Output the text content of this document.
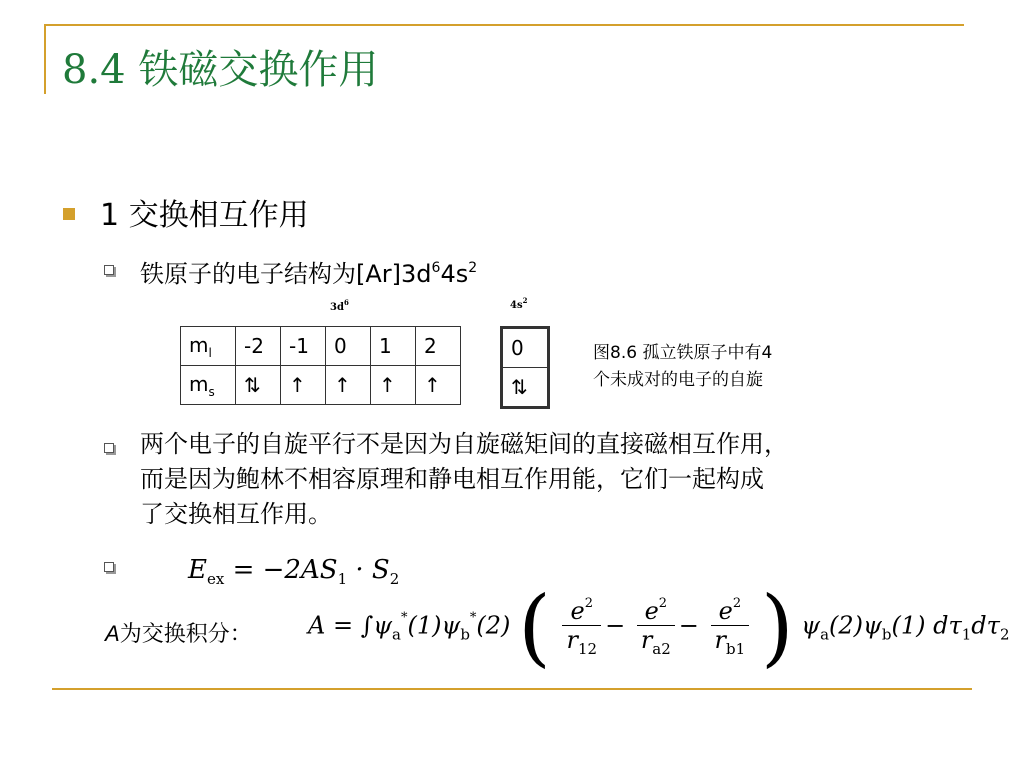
8.4 铁磁交换作用
1 交换相互作用
铁原子的电子结构为$[Ar]3d^64s^2$
$3d^6$	$4s^2$
$m_l$	-2	-1	0	1	2
$m_s$	⇅	↑	↑	↑	↑
0
⇅
图8.6 孤立铁原子中有4
个未成对的电子的自旋
两个电子的自旋平行不是因为自旋磁矩间的直接磁相互作用，
而是因为鲍林不相容原理和静电相互作用能，它们一起构成
了交换相互作用。
$E_{ex} = -2AS_1 \cdot S_2$
A为交换积分： $A = \int\psi_a^*(1)\psi_b^*(2)$ ( $\frac{e^2}{r_{12}} - \frac{e^2}{r_{a2}} - \frac{e^2}{r_{b1}}$ ) $\psi_a(2)\psi_b(1)$ $d\tau_1d\tau_2$
